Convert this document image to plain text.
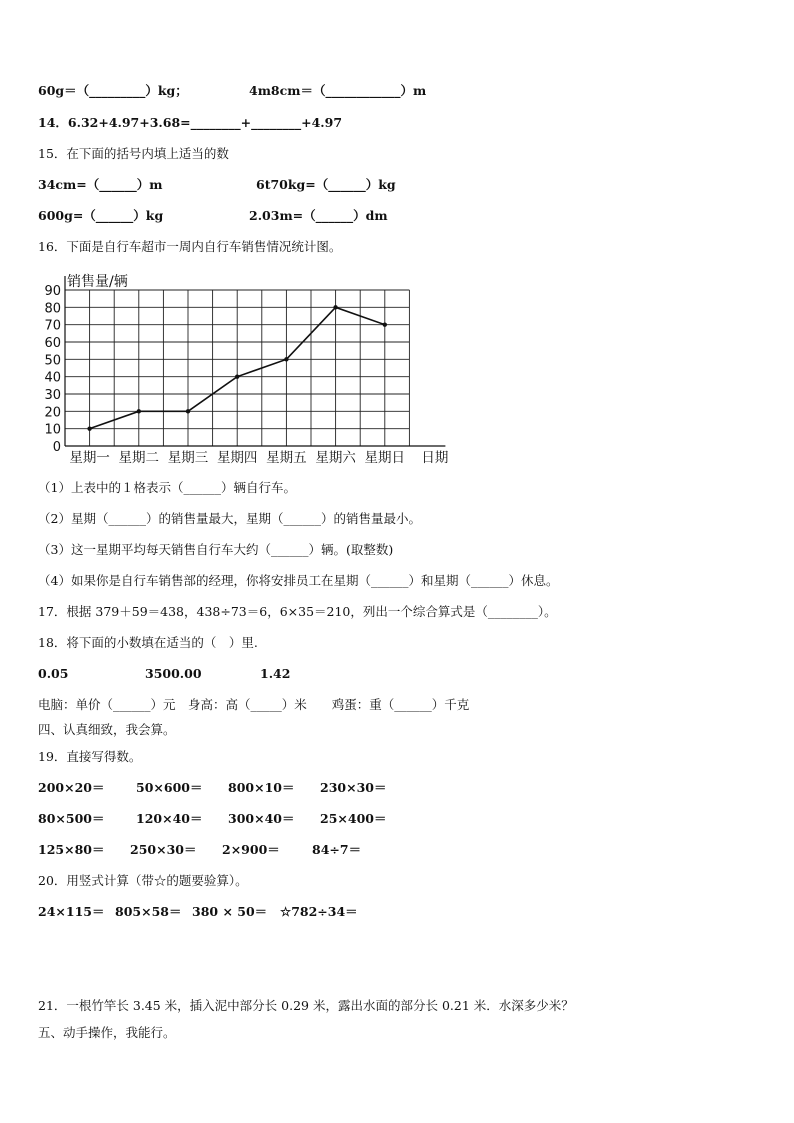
60g＝（_________）kg；	4m8cm＝（____________）m
14．6.32+4.97+3.68=________+________+4.97
15．在下面的括号内填上适当的数
34cm=（______）m	6t70kg=（______）kg
600g=（______）kg	2.03m=（______）dm
16．下面是自行车超市一周内自行车销售情况统计图。
0
10
20
30
40
50
60
70
80
90
销售量/辆
星期一 星期二 星期三 星期四 星期五 星期六 星期日 日期
（1）上表中的１格表示（______）辆自行车。
（2）星期（______）的销售量最大，星期（______）的销售量最小。
（3）这一星期平均每天销售自行车大约（______）辆。(取整数)
（4）如果你是自行车销售部的经理，你将安排员工在星期（______）和星期（______）休息。
17．根据 379＋59＝438，438÷73＝6，6×35＝210，列出一个综合算式是（________）。
18．将下面的小数填在适当的（　）里.
0.05	3500.00	1.42
电脑：单价（______）元　身高：高（_____）米　　鸡蛋：重（______）千克
四、认真细致，我会算。
19．直接写得数。
200×20＝	50×600＝ 800×10＝ 230×30＝
80×500＝	120×40＝ 300×40＝ 25×400＝
125×80＝ 250×30＝ 2×900＝	84÷7＝
20．用竖式计算（带☆的题要验算）。
24×115＝ 805×58＝ 380 × 50＝ ☆782÷34＝
21．一根竹竿长 3.45 米，插入泥中部分长 0.29 米，露出水面的部分长 0.21 米．水深多少米？
五、动手操作，我能行。
